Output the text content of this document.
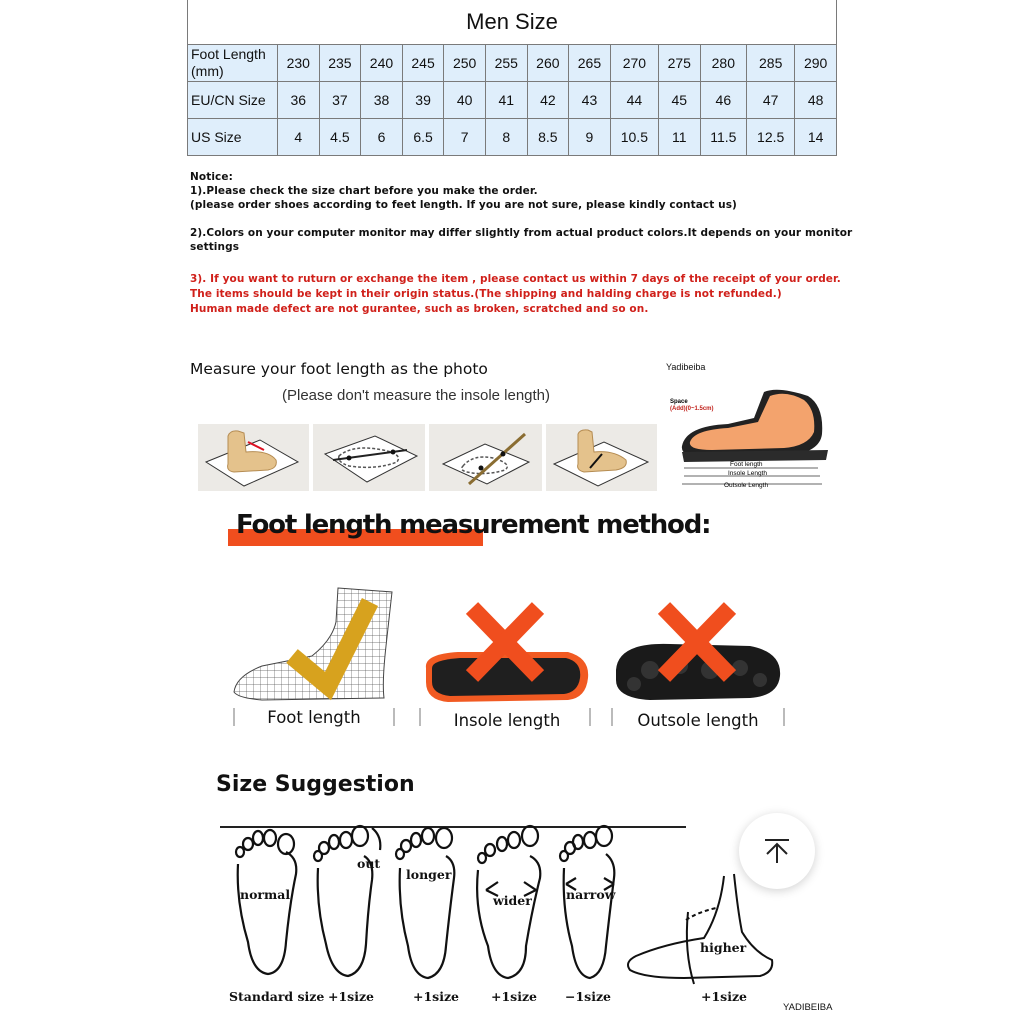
Men Size													
Foot Length (mm)	230	235	240	245	250	255	260	265	270	275	280	285	290
EU/CN Size	36	37	38	39	40	41	42	43	44	45	46	47	48
US Size	4	4.5	6	6.5	7	8	8.5	9	10.5	11	11.5	12.5	14
Notice:
1).Please check the size chart before you make the order.
(please order shoes according to feet length. If you are not sure, please kindly contact us)
2).Colors on your computer monitor may differ slightly from actual product colors.It depends on your monitor
settings
3). If you want to ruturn or exchange the item , please contact us within 7 days of the receipt of your order.
The items should be kept in their origin status.(The shipping and halding charge is not refunded.)
Human made defect are not gurantee, such as broken, scratched and so on.
Measure your foot length as the photo
(Please don't measure the insole length)
Yadibeiba
Space
(Add)(0~1.5cm)
Foot length
Insole Length
Outsole Length
Foot length measurement method:
Foot length	Insole length	Outsole length
Size Suggestion
normal
out
longer
wider	narrow
higher
Standard size +1size	+1size	+1size −1size	+1size
YADIBEIBA
